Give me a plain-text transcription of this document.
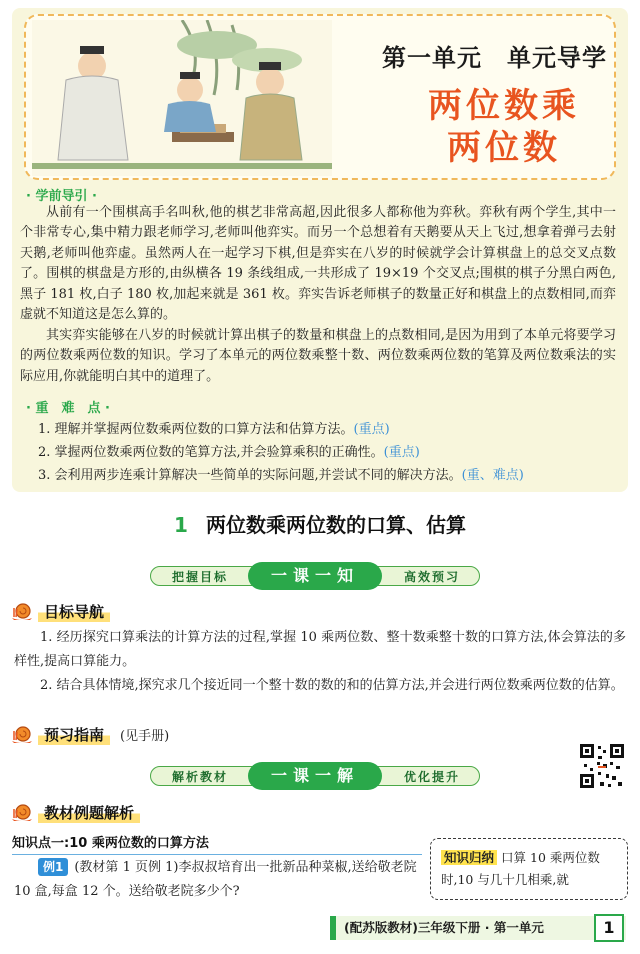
第一单元　单元导学
两位数乘
两位数
· 学前导引 ·
从前有一个围棋高手名叫秋,他的棋艺非常高超,因此很多人都称他为弈秋。弈秋有两个学生,其中一个非常专心,集中精力跟老师学习,老师叫他弈实。而另一个总想着有天鹅要从天上飞过,想拿着弹弓去射天鹅,老师叫他弈虚。虽然两人在一起学习下棋,但是弈实在八岁的时候就学会计算棋盘上的总交叉点数了。围棋的棋盘是方形的,由纵横各 19 条线组成,一共形成了 19×19 个交叉点;围棋的棋子分黑白两色,黑子 181 枚,白子 180 枚,加起来就是 361 枚。弈实告诉老师棋子的数量正好和棋盘上的点数相同,而弈虚就不知道这是怎么算的。
其实弈实能够在八岁的时候就计算出棋子的数量和棋盘上的点数相同,是因为用到了本单元将要学习的两位数乘两位数的知识。学习了本单元的两位数乘整十数、两位数乘两位数的笔算及两位数乘法的实际应用,你就能明白其中的道理了。
· 重　难　点 ·
1. 理解并掌握两位数乘两位数的口算方法和估算方法。(重点)
2. 掌握两位数乘两位数的笔算方法,并会验算乘积的正确性。(重点)
3. 会利用两步连乘计算解决一些简单的实际问题,并尝试不同的解决方法。(重、难点)
1 两位数乘两位数的口算、估算
把握目标	高效预习
一课一知
目标导航
1. 经历探究口算乘法的计算方法的过程,掌握 10 乘两位数、整十数乘整十数的口算方法,体会算法的多样性,提高口算能力。
2. 结合具体情境,探究求几个接近同一个整十数的数的和的估算方法,并会进行两位数乘两位数的估算。
预习指南	(见手册)
解析教材	优化提升
一课一解
教材例题解析
知识点一:10 乘两位数的口算方法
例1 (教材第 1 页例 1)李叔叔培育出一批新品种菜椒,送给敬老院 10 盒,每盒 12 个。送给敬老院多少个?
知识归纳 口算 10 乘两位数时,10 与几十几相乘,就
(配苏版教材)三年级下册 · 第一单元	1
